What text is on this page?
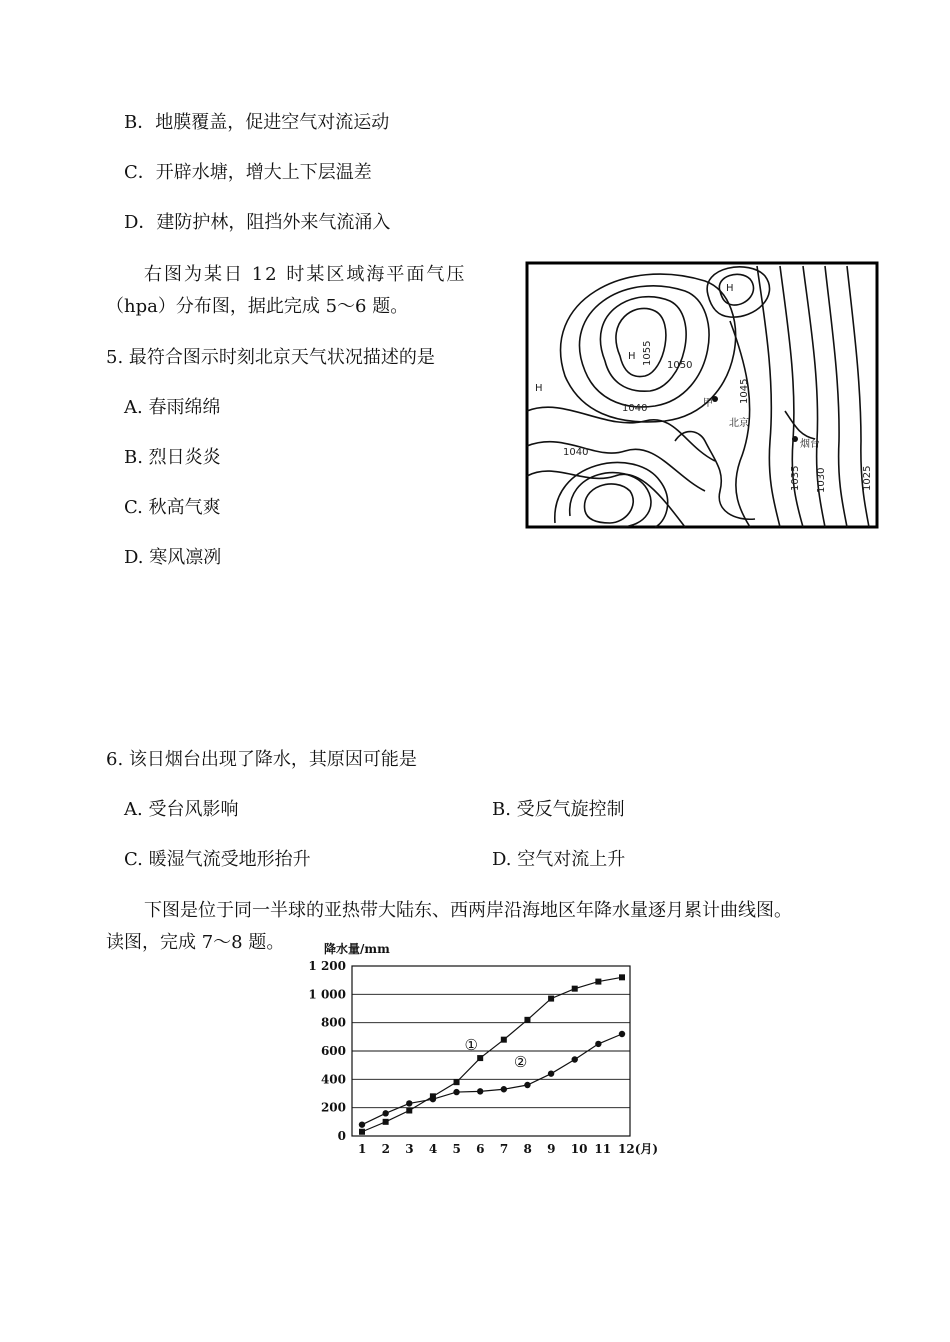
B．地膜覆盖，促进空气对流运动
C．开辟水塘，增大上下层温差
D．建防护林，阻挡外来气流涌入
右图为某日 12 时某区域海平面气压
（hpa）分布图，据此完成 5～6 题。
5. 最符合图示时刻北京天气状况描述的是
A. 春雨绵绵
B. 烈日炎炎
C. 秋高气爽
D. 寒风凛冽
H
H
H
1055 1050
1040
1040
1045
1035 1030	1025
甲
北京
烟台
6. 该日烟台出现了降水，其原因可能是
A. 受台风影响	B. 受反气旋控制
C. 暖湿气流受地形抬升	D. 空气对流上升
下图是位于同一半球的亚热带大陆东、西两岸沿海地区年降水量逐月累计曲线图。
读图，完成 7～8 题。
0
200
400
600
800
1 000
1 200
1 2 3 4 5 6 7 8 9 10 11 12(月)
降水量/mm
①
②
